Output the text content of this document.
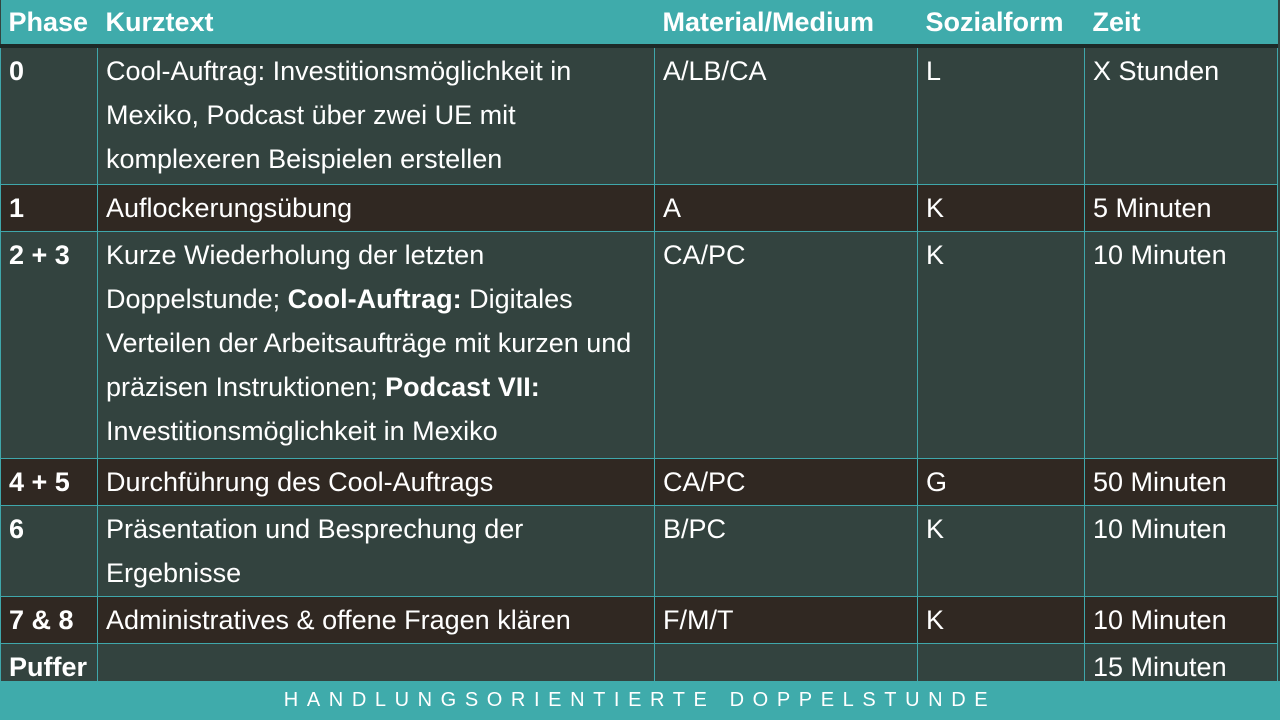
Phase	Kurztext	Material/Medium	Sozialform	Zeit
0	Cool-Auftrag: Investitionsmöglichkeit in Mexiko, Podcast über zwei UE mit komplexeren Beispielen erstellen	A/LB/CA	L	X Stunden
1	Auflockerungsübung	A	K	5 Minuten
2 + 3	Kurze Wiederholung der letzten Doppelstunde; Cool-Auftrag: Digitales Verteilen der Arbeitsaufträge mit kurzen und präzisen Instruktionen; Podcast VII: Investitionsmöglichkeit in Mexiko	CA/PC	K	10 Minuten
4 + 5	Durchführung des Cool-Auftrags	CA/PC	G	50 Minuten
6	Präsentation und Besprechung der Ergebnisse	B/PC	K	10 Minuten
7 & 8	Administratives & offene Fragen klären	F/M/T	K	10 Minuten
Puffer				15 Minuten
HANDLUNGSORIENTIERTE DOPPELSTUNDE
